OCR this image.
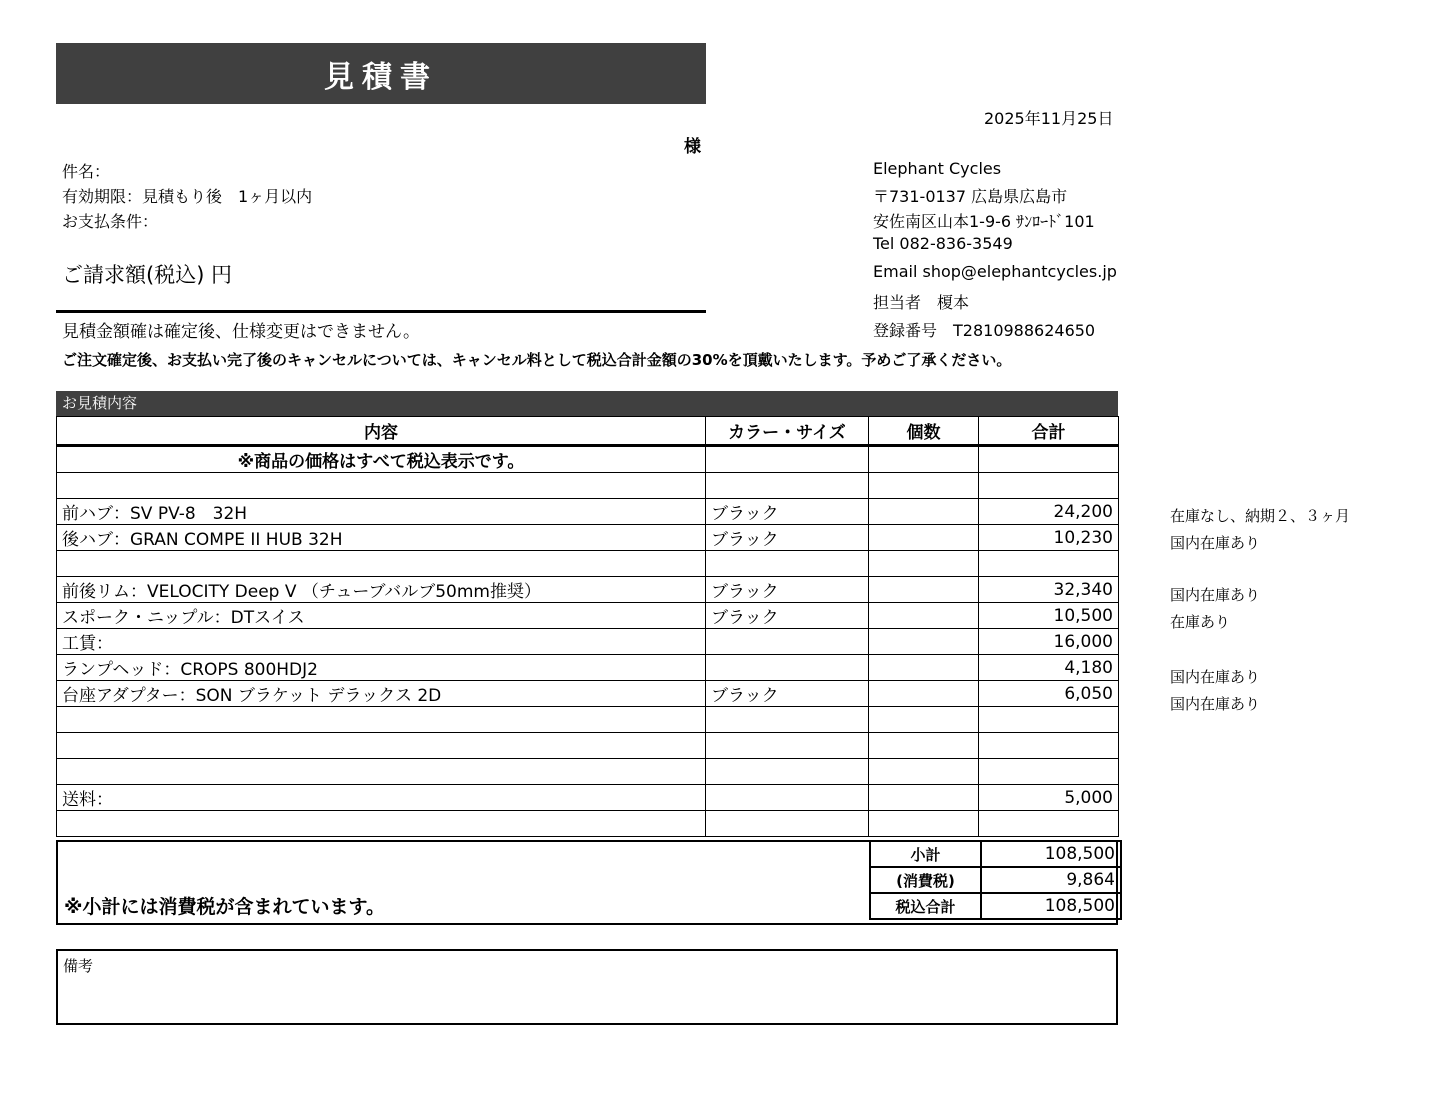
見積書
2025年11月25日
様
件名：
有効期限：見積もり後　1ヶ月以内
お支払条件：
ご請求額(税込) 円
見積金額確は確定後、仕様変更はできません。
ご注文確定後、お支払い完了後のキャンセルについては、キャンセル料として税込合計金額の30%を頂戴いたします。予めご了承ください。
Elephant Cycles
〒731-0137 広島県広島市
安佐南区山本1-9-6 ｻﾝﾛｰﾄﾞ101
Tel 082-836-3549
Email shop@elephantcycles.jp
担当者　榎本
登録番号　T2810988624650
お見積内容
内容	カラー・サイズ	個数	合計
※商品の価格はすべて税込表示です。			

前ハブ：SV PV-8　32H	ブラック		24,200
後ハブ：GRAN COMPE II HUB 32H	ブラック		10,230

前後リム：VELOCITY Deep V （チューブバルブ50mm推奨）	ブラック		32,340
スポーク・ニップル：DTスイス	ブラック		10,500
工賃：			16,000
ランプヘッド：CROPS 800HDJ2			4,180
台座アダプター：SON ブラケット デラックス 2D	ブラック		6,050

送料：			5,000

在庫なし、納期２、３ヶ月
国内在庫あり
国内在庫あり
在庫あり
国内在庫あり
国内在庫あり
※小計には消費税が含まれています。
小計	108,500
(消費税)	9,864
税込合計	108,500
備考
